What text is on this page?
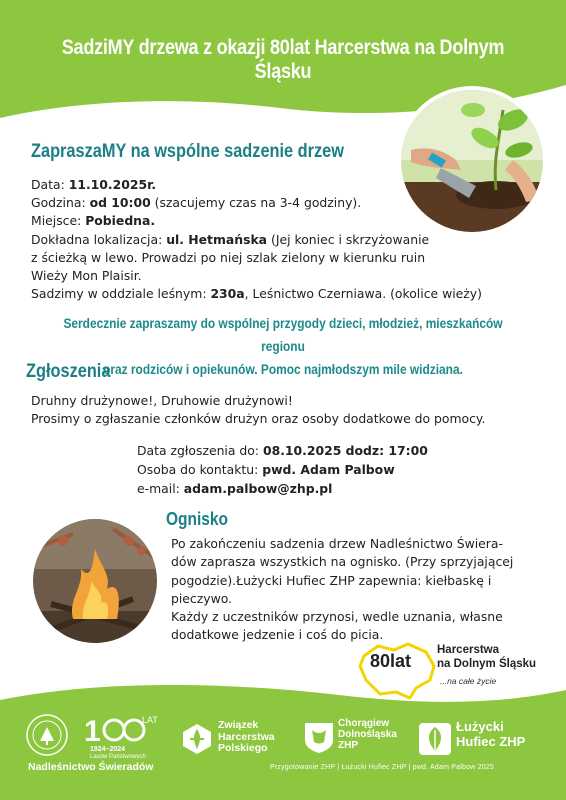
SadziMY drzewa z okazji 80lat Harcerstwa na Dolnym Śląsku
ZapraszaMY na wspólne sadzenie drzew

Data: 11.10.2025r.

Godzina: od 10:00 (szacujemy czas na 3-4 godziny).

Miejsce: Pobiedna.

Dokładna lokalizacja: ul. Hetmańska (Jej koniec i skrzyżowanie

z ścieżką w lewo. Prowadzi po niej szlak zielony w kierunku ruin

Wieży Mon Plaisir.

Sadzimy w oddziale leśnym: 230a, Leśnictwo Czerniawa. (okolice wieży)

Serdecznie zapraszamy do wspólnej przygody dzieci, młodzież, mieszkańców regionu
oraz rodziców i opiekunów. Pomoc najmłodszym mile widziana.
Zgłoszenia

Druhny drużynowe!, Druhowie drużynowi!

Prosimy o zgłaszanie członków drużyn oraz osoby dodatkowe do pomocy.

Data zgłoszenia do: 08.10.2025 dodz: 17:00

Osoba do kontaktu: pwd. Adam Palbow

e-mail: adam.palbow@zhp.pl

Ognisko

Po zakończeniu sadzenia drzew Nadleśnictwo Świera-

dów zaprasza wszystkich na ognisko. (Przy sprzyjającej

pogodzie).Łużycki Hufiec ZHP zapewnia: kiełbaskę i

pieczywo.

Każdy z uczestników przynosi, wedle uznania, własne

dodatkowe jedzenie i coś do picia.

80lat
Harcerstwa
na Dolnym Śląsku
...na całe życie
1	LAT
1924–2024
Lasów Państwowych
Nadleśnictwo Świeradów
Związek
Harcerstwa
Polskiego
Chorągiew
Dolnośląska
ZHP
Łużycki
Hufiec ZHP
Przygotowanie ZHP | Łużucki Hufiec ZHP | pwd. Adam Palbow 2025
